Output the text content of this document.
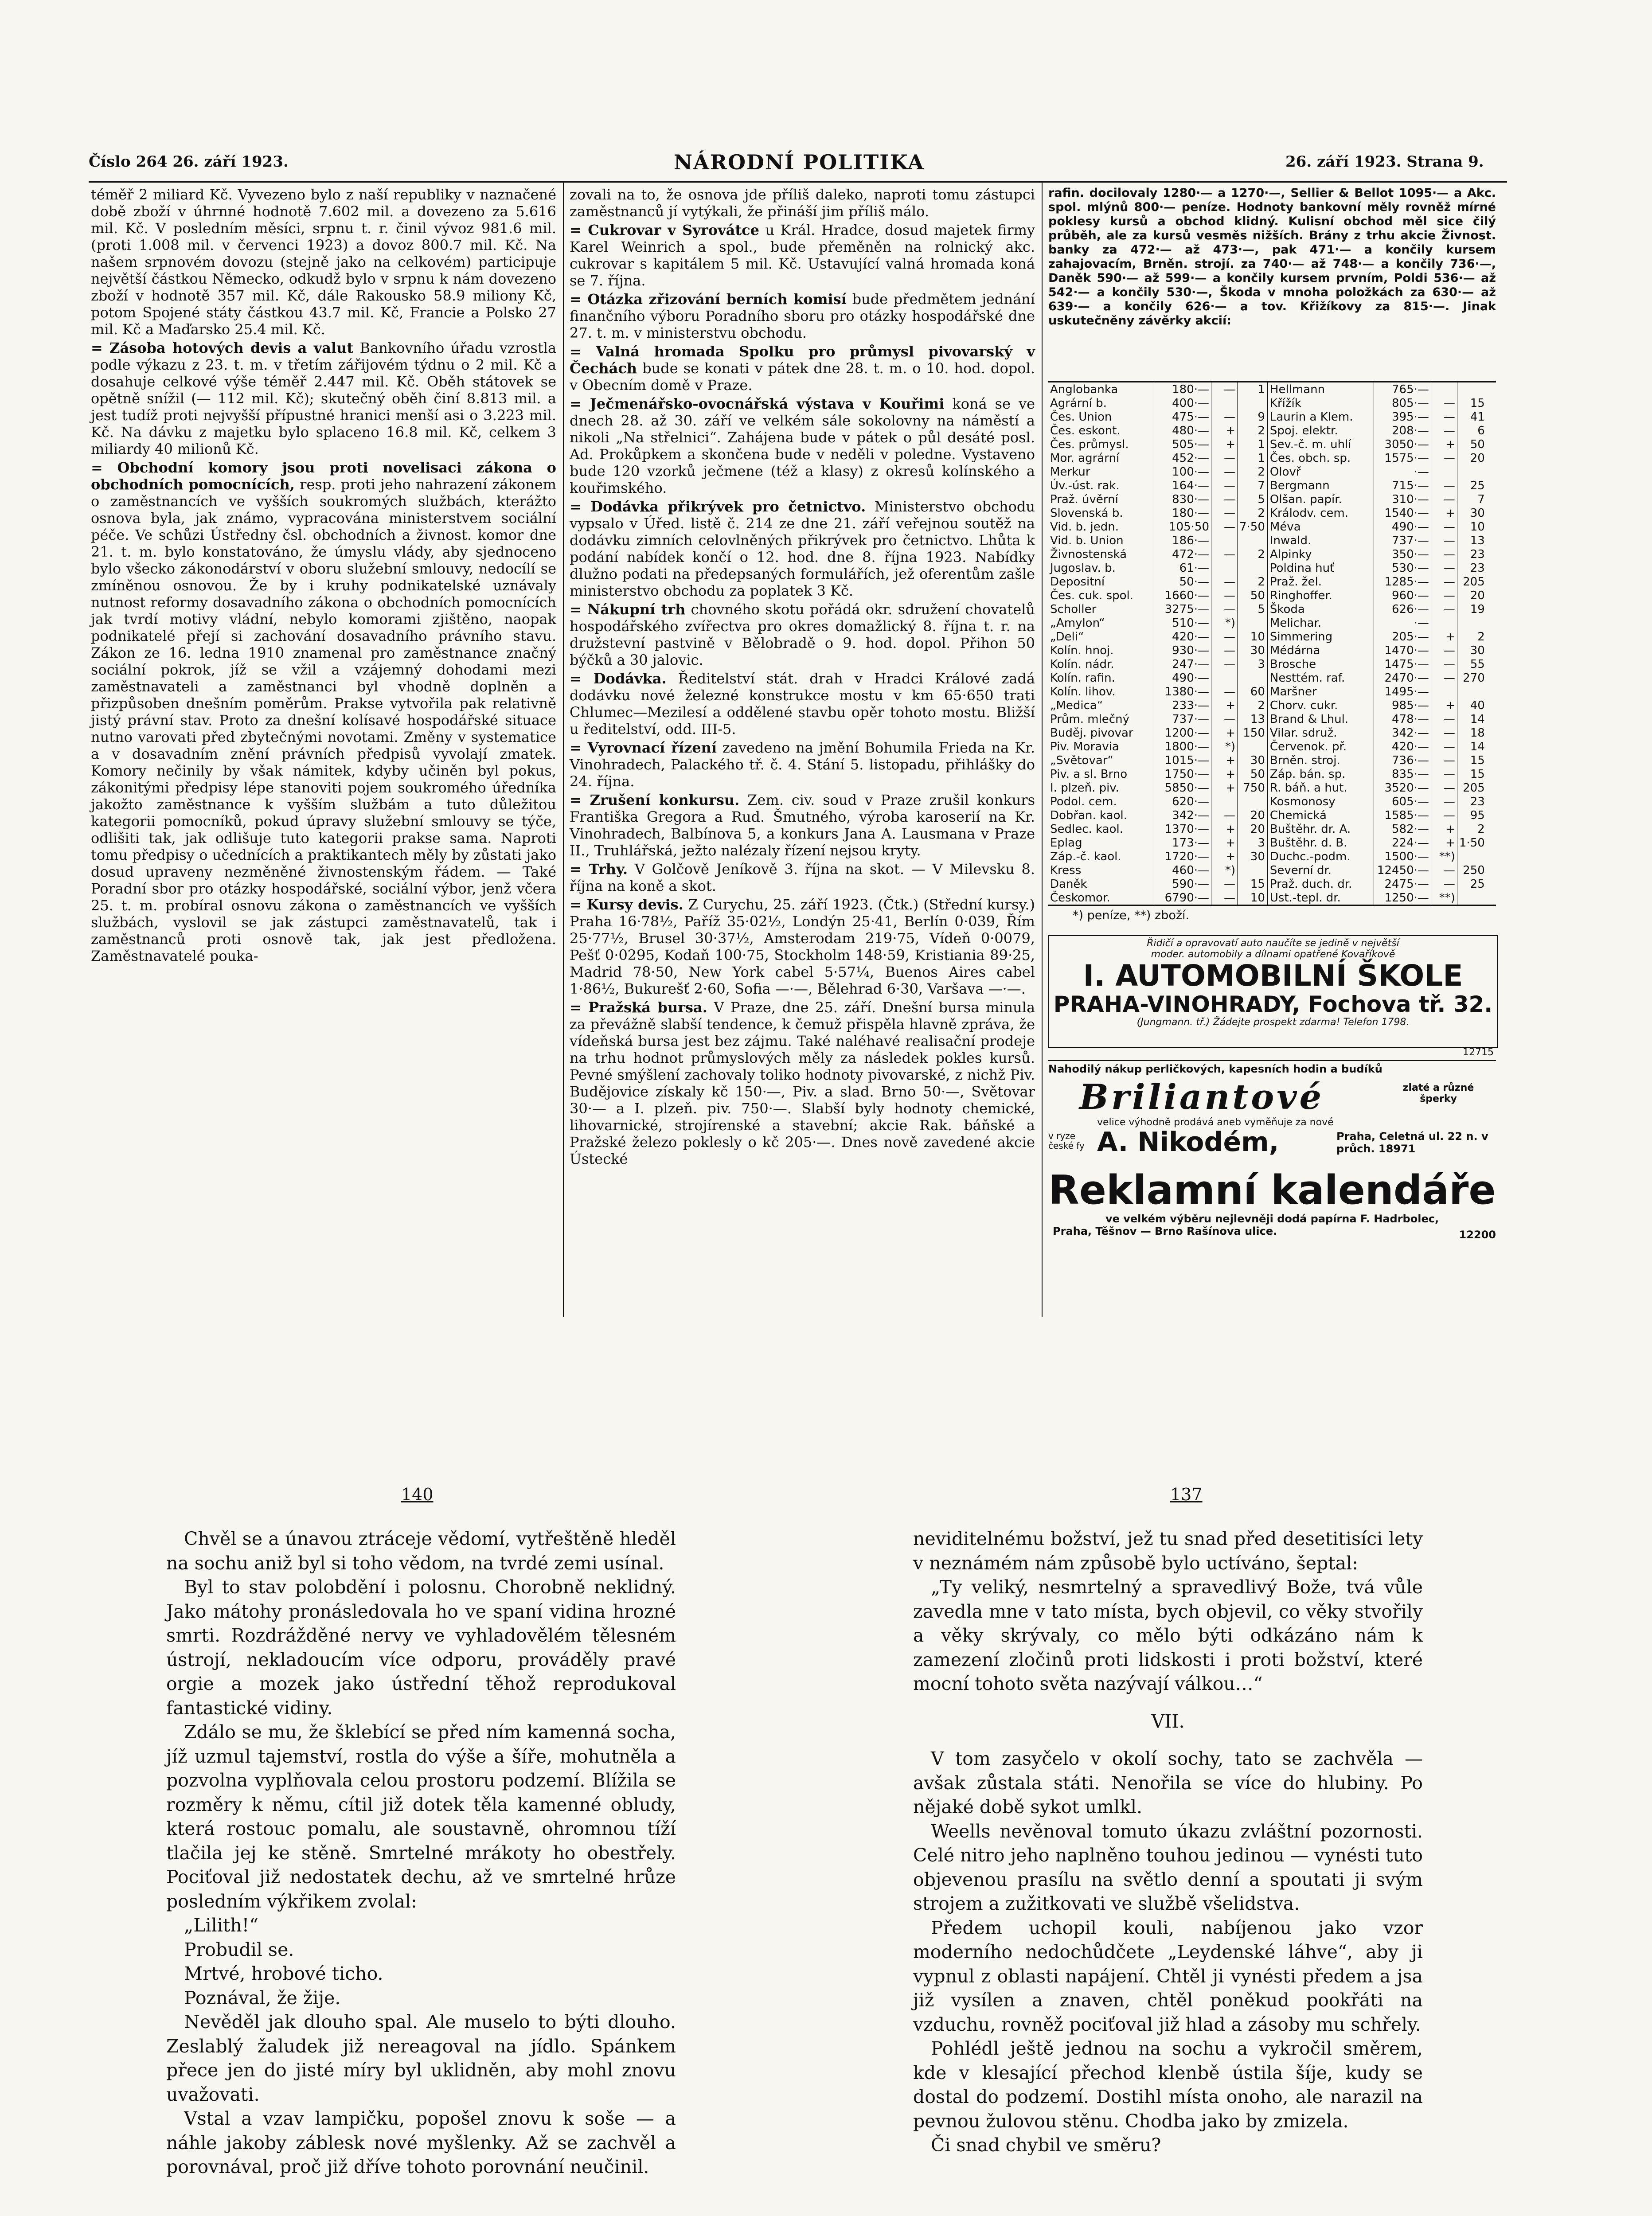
Číslo 264 26. září 1923.	NÁRODNÍ POLITIKA	26. září 1923. Strana 9.

téměř 2 miliard Kč. Vyvezeno bylo z naší republiky v naznačené době zboží v úhrnné hodnotě 7.602 mil. a dovezeno za 5.616 mil. Kč. V posledním měsíci, srpnu t. r. činil vývoz 981.6 mil. (proti 1.008 mil. v červenci 1923) a dovoz 800.7 mil. Kč. Na našem srpnovém dovozu (stejně jako na celkovém) participuje největší částkou Německo, odkudž bylo v srpnu k nám dovezeno zboží v hodnotě 357 mil. Kč, dále Rakousko 58.9 miliony Kč, potom Spojené státy částkou 43.7 mil. Kč, Francie a Polsko 27 mil. Kč a Maďarsko 25.4 mil. Kč.

= Zásoba hotových devis a valut Bankovního úřadu vzrostla podle výkazu z 23. t. m. v třetím zářijovém týdnu o 2 mil. Kč a dosahuje celkové výše téměř 2.447 mil. Kč. Oběh státovek se opětně snížil (— 112 mil. Kč); skutečný oběh činí 8.813 mil. a jest tudíž proti nejvyšší přípustné hranici menší asi o 3.223 mil. Kč. Na dávku z majetku bylo splaceno 16.8 mil. Kč, celkem 3 miliardy 40 milionů Kč.

= Obchodní komory jsou proti novelisaci zákona o obchodních pomocnících, resp. proti jeho nahrazení zákonem o zaměstnancích ve vyšších soukromých službách, kterážto osnova byla, jak známo, vypracována ministerstvem sociální péče. Ve schůzi Ústředny čsl. obchodních a živnost. komor dne 21. t. m. bylo konstatováno, že úmyslu vlády, aby sjednoceno bylo všecko zákonodárství v oboru služební smlouvy, nedocílí se zmíněnou osnovou. Že by i kruhy podnikatelské uznávaly nutnost reformy dosavadního zákona o obchodních pomocnících jak tvrdí motivy vládní, nebylo komorami zjištěno, naopak podnikatelé přejí si zachování dosavadního právního stavu. Zákon ze 16. ledna 1910 znamenal pro zaměstnance značný sociální pokrok, jíž se vžil a vzájemný dohodami mezi zaměstnavateli a zaměstnanci byl vhodně doplněn a přizpůsoben dnešním poměrům. Prakse vytvořila pak relativně jistý právní stav. Proto za dnešní kolísavé hospodářské situace nutno varovati před zbytečnými novotami. Změny v systematice a v dosavadním znění právních předpisů vyvolají zmatek. Komory nečinily by však námitek, kdyby učiněn byl pokus, zákonitými předpisy lépe stanoviti pojem soukromého úředníka jakožto zaměstnance k vyšším službám a tuto důležitou kategorii pomocníků, pokud úpravy služební smlouvy se týče, odlišiti tak, jak odlišuje tuto kategorii prakse sama. Naproti tomu předpisy o učednících a praktikantech měly by zůstati jako dosud upraveny nezměněné živnostenským řádem. — Také Poradní sbor pro otázky hospodářské, sociální výbor, jenž včera 25. t. m. probíral osnovu zákona o zaměstnancích ve vyšších službách, vyslovil se jak zástupci zaměstnavatelů, tak i zaměstnanců proti osnově tak, jak jest předložena. Zaměstnavatelé pouka-

zovali na to, že osnova jde příliš daleko, naproti tomu zástupci zaměstnanců jí vytýkali, že přináší jim příliš málo.

= Cukrovar v Syrovátce u Král. Hradce, dosud majetek firmy Karel Weinrich a spol., bude přeměněn na rolnický akc. cukrovar s kapitálem 5 mil. Kč. Ustavující valná hromada koná se 7. října.

= Otázka zřizování berních komisí bude předmětem jednání finančního výboru Poradního sboru pro otázky hospodářské dne 27. t. m. v ministerstvu obchodu.

= Valná hromada Spolku pro průmysl pivovarský v Čechách bude se konati v pátek dne 28. t. m. o 10. hod. dopol. v Obecním domě v Praze.

= Ječmenářsko-ovocnářská výstava v Kouřimi koná se ve dnech 28. až 30. září ve velkém sále sokolovny na náměstí a nikoli „Na střelnici“. Zahájena bude v pátek o půl desáté posl. Ad. Prokůpkem a skončena bude v neděli v poledne. Vystaveno bude 120 vzorků ječmene (též a klasy) z okresů kolínského a kouřimského.

= Dodávka přikrývek pro četnictvo. Ministerstvo obchodu vypsalo v Úřed. listě č. 214 ze dne 21. září veřejnou soutěž na dodávku zimních celovlněných přikrývek pro četnictvo. Lhůta k podání nabídek končí o 12. hod. dne 8. října 1923. Nabídky dlužno podati na předepsaných formulářích, jež oferentům zašle ministerstvo obchodu za poplatek 3 Kč.

= Nákupní trh chovného skotu pořádá okr. sdružení chovatelů hospodářského zvířectva pro okres domažlický 8. října t. r. na družstevní pastvině v Bělobradě o 9. hod. dopol. Přihon 50 býčků a 30 jalovic.

= Dodávka. Ředitelství stát. drah v Hradci Králové zadá dodávku nové železné konstrukce mostu v km 65·650 trati Chlumec—Mezilesí a oddělené stavbu opěr tohoto mostu. Bližší u ředitelství, odd. III-5.

= Vyrovnací řízení zavedeno na jmění Bohumila Frieda na Kr. Vinohradech, Palackého tř. č. 4. Stání 5. listopadu, přihlášky do 24. října.

= Zrušení konkursu. Zem. civ. soud v Praze zrušil konkurs Františka Gregora a Rud. Šmutného, výroba karoserií na Kr. Vinohradech, Balbínova 5, a konkurs Jana A. Lausmana v Praze II., Truhlářská, ježto nalézaly řízení nejsou kryty.

= Trhy. V Golčově Jeníkově 3. října na skot. — V Milevsku 8. října na koně a skot.

= Kursy devis. Z Curychu, 25. září 1923. (Čtk.) (Střední kursy.) Praha 16·78½, Paříž 35·02½, Londýn 25·41, Berlín 0·039, Řím 25·77½, Brusel 30·37½, Amsterodam 219·75, Vídeň 0·0079, Pešť 0·0295, Kodaň 100·75, Stockholm 148·59, Kristiania 89·25, Madrid 78·50, New York cabel 5·57¼, Buenos Aires cabel 1·86½, Bukurešť 2·60, Sofia —·—, Bělehrad 6·30, Varšava —·—.

= Pražská bursa. V Praze, dne 25. září. Dnešní bursa minula za převážně slabší tendence, k čemuž přispěla hlavně zpráva, že vídeňská bursa jest bez zájmu. Také naléhavé realisační prodeje na trhu hodnot průmyslových měly za následek pokles kursů. Pevné smýšlení zachovaly toliko hodnoty pivovarské, z nichž Piv. Budějovice získaly kč 150·—, Piv. a slad. Brno 50·—, Světovar 30·— a I. plzeň. piv. 750·—. Slabší byly hodnoty chemické, lihovarnické, strojírenské a stavební; akcie Rak. báňské a Pražské železo poklesly o kč 205·—. Dnes nově zavedené akcie Ústecké

rafin. docilovaly 1280·— a 1270·—, Sellier & Bellot 1095·— a Akc. spol. mlýnů 800·— peníze. Hodnoty bankovní měly rovněž mírné poklesy kursů a obchod klidný. Kulisní obchod měl sice čilý průběh, ale za kursů vesměs nižších. Brány z trhu akcie Živnost. banky za 472·— až 473·—, pak 471·— a končily kursem zahajovacím, Brněn. strojí. za 740·— až 748·— a končily 736·—, Daněk 590·— až 599·— a končily kursem prvním, Poldi 536·— až 542·— a končily 530·—, Škoda v mnoha položkách za 630·— až 639·— a končily 626·— a tov. Křižíkovy za 815·—. Jinak uskutečněny závěrky akcií:

Anglobanka	180·—	—	1	Hellmann	765·—		
Agrární b.	400·—			Křížík	805·—	—	15
Čes. Union	475·—	—	9	Laurin a Klem.	395·—	—	41
Čes. eskont.	480·—	+	2	Spoj. elektr.	208·—	—	6
Čes. průmysl.	505·—	+	1	Sev.-č. m. uhlí	3050·—	+	50
Mor. agrární	452·—	—	1	Čes. obch. sp.	1575·—	—	20
Merkur	100·—	—	2	Olovř	·—		
Úv.-úst. rak.	164·—	—	7	Bergmann	715·—	—	25
Praž. úvěrní	830·—	—	5	Olšan. papír.	310·—	—	7
Slovenská b.	180·—	—	2	Králodv. cem.	1540·—	+	30
Vid. b. jedn.	105·50	—	7·50	Méva	490·—	—	10
Vid. b. Union	186·—			Inwald.	737·—	—	13
Živnostenská	472·—	—	2	Alpinky	350·—	—	23
Jugoslav. b.	61·—			Poldina huť	530·—	—	23
Depositní	50·—	—	2	Praž. žel.	1285·—	—	205
Čes. cuk. spol.	1660·—	—	50	Ringhoffer.	960·—	—	20
Scholler	3275·—	—	5	Škoda	626·—	—	19
„Amylon“	510·—	*)		Melichar.	·—		
„Deli“	420·—	—	10	Simmering	205·—	+	2
Kolín. hnoj.	930·—	—	30	Médárna	1470·—	—	30
Kolín. nádr.	247·—	—	3	Brosche	1475·—	—	55
Kolín. rafin.	490·—			Nesttém. raf.	2470·—	—	270
Kolín. lihov.	1380·—	—	60	Maršner	1495·—		
„Medica“	233·—	+	2	Chorv. cukr.	985·—	+	40
Prům. mlečný	737·—	—	13	Brand & Lhul.	478·—	—	14
Buděj. pivovar	1200·—	+	150	Vilar. sdruž.	342·—	—	18
Piv. Moravia	1800·—	*)		Červenok. př.	420·—	—	14
„Světovar“	1015·—	+	30	Brněn. stroj.	736·—	—	15
Piv. a sl. Brno	1750·—	+	50	Záp. bán. sp.	835·—	—	15
I. plzeň. piv.	5850·—	+	750	R. báň. a hut.	3520·—	—	205
Podol. cem.	620·—			Kosmonosy	605·—	—	23
Dobřan. kaol.	342·—	—	20	Chemická	1585·—	—	95
Sedlec. kaol.	1370·—	+	20	Buštěhr. dr. A.	582·—	+	2
Eplag	173·—	+	3	Buštěhr. d. B.	224·—	+	1·50
Záp.-č. kaol.	1720·—	+	30	Duchc.-podm.	1500·—	**)	
Kress	460·—	*)		Severní dr.	12450·—	—	250
Daněk	590·—	—	15	Praž. duch. dr.	2475·—	—	25
Českomor.	6790·—	—	10	Ust.-tepl. dr.	1250·—	**)	
*) peníze, **) zboží.
Řidičí a opravovatí auto naučíte se jedině v největší
moder. automobily a dílnami opatřené Kovaříkově
I. AUTOMOBILNÍ ŠKOLE
PRAHA-VINOHRADY, Fochova tř. 32.
(Jungmann. tř.) Žádejte prospekt zdarma! Telefon 1798.
12715
Nahodilý nákup perličkových, kapesních hodin a budíků
Briliantové	zlaté a různé šperky
velice výhodně prodává aneb vyměňuje za nové
v ryze české fy A. Nikodém,	Praha, Celetná ul. 22 n. v průch. 18971
Reklamní kalendáře
ve velkém výběru nejlevněji dodá papírna F. Hadrbolec,
Praha, Těšnov — Brno Rašínova ulice.	12200
140	137

Chvěl se a únavou ztráceje vědomí, vytřeštěně hleděl na sochu aniž byl si toho vědom, na tvrdé zemi usínal.

Byl to stav polobdění i polosnu. Chorobně neklidný. Jako mátohy pronásledovala ho ve spaní vidina hrozné smrti. Rozdrážděné nervy ve vyhladovělém tělesném ústrojí, nekladoucím více odporu, prováděly pravé orgie a mozek jako ústřední těhož reprodukoval fantastické vidiny.

Zdálo se mu, že šklebící se před ním kamenná socha, jíž uzmul tajemství, rostla do výše a šíře, mohutněla a pozvolna vyplňovala celou prostoru podzemí. Blížila se rozměry k němu, cítil již dotek těla kamenné obludy, která rostouc pomalu, ale soustavně, ohromnou tíží tlačila jej ke stěně. Smrtelné mrákoty ho obestřely. Pociťoval již nedostatek dechu, až ve smrtelné hrůze posledním výkřikem zvolal:

„Lilith!“

Probudil se.

Mrtvé, hrobové ticho.

Poznával, že žije.

Nevěděl jak dlouho spal. Ale muselo to býti dlouho. Zeslablý žaludek již nereagoval na jídlo. Spánkem přece jen do jisté míry byl uklidněn, aby mohl znovu uvažovati.

Vstal a vzav lampičku, popošel znovu k soše — a náhle jakoby záblesk nové myšlenky. Až se zachvěl a porovnával, proč již dříve tohoto porovnání neučinil.

neviditelnému božství, jež tu snad před desetitisíci lety v neznámém nám způsobě bylo uctíváno, šeptal:

„Ty veliký, nesmrtelný a spravedlivý Bože, tvá vůle zavedla mne v tato místa, bych objevil, co věky stvořily a věky skrývaly, co mělo býti odkázáno nám k zamezení zločinů proti lidskosti i proti božství, které mocní tohoto světa nazývají válkou…“

VII.

V tom zasyčelo v okolí sochy, tato se zachvěla — avšak zůstala státi. Nenořila se více do hlubiny. Po nějaké době sykot umlkl.

Weells nevěnoval tomuto úkazu zvláštní pozornosti. Celé nitro jeho naplněno touhou jedinou — vynésti tuto objevenou prasílu na světlo denní a spoutati ji svým strojem a zužitkovati ve službě všelidstva.

Předem uchopil kouli, nabíjenou jako vzor moderního nedochůdčete „Leydenské láhve“, aby ji vypnul z oblasti napájení. Chtěl ji vynésti předem a jsa již vysílen a znaven, chtěl poněkud pookřáti na vzduchu, rovněž pociťoval již hlad a zásoby mu schřely.

Pohlédl ještě jednou na sochu a vykročil směrem, kde v klesající přechod klenbě ústila šíje, kudy se dostal do podzemí. Dostihl místa onoho, ale narazil na pevnou žulovou stěnu. Chodba jako by zmizela.

Či snad chybil ve směru?
